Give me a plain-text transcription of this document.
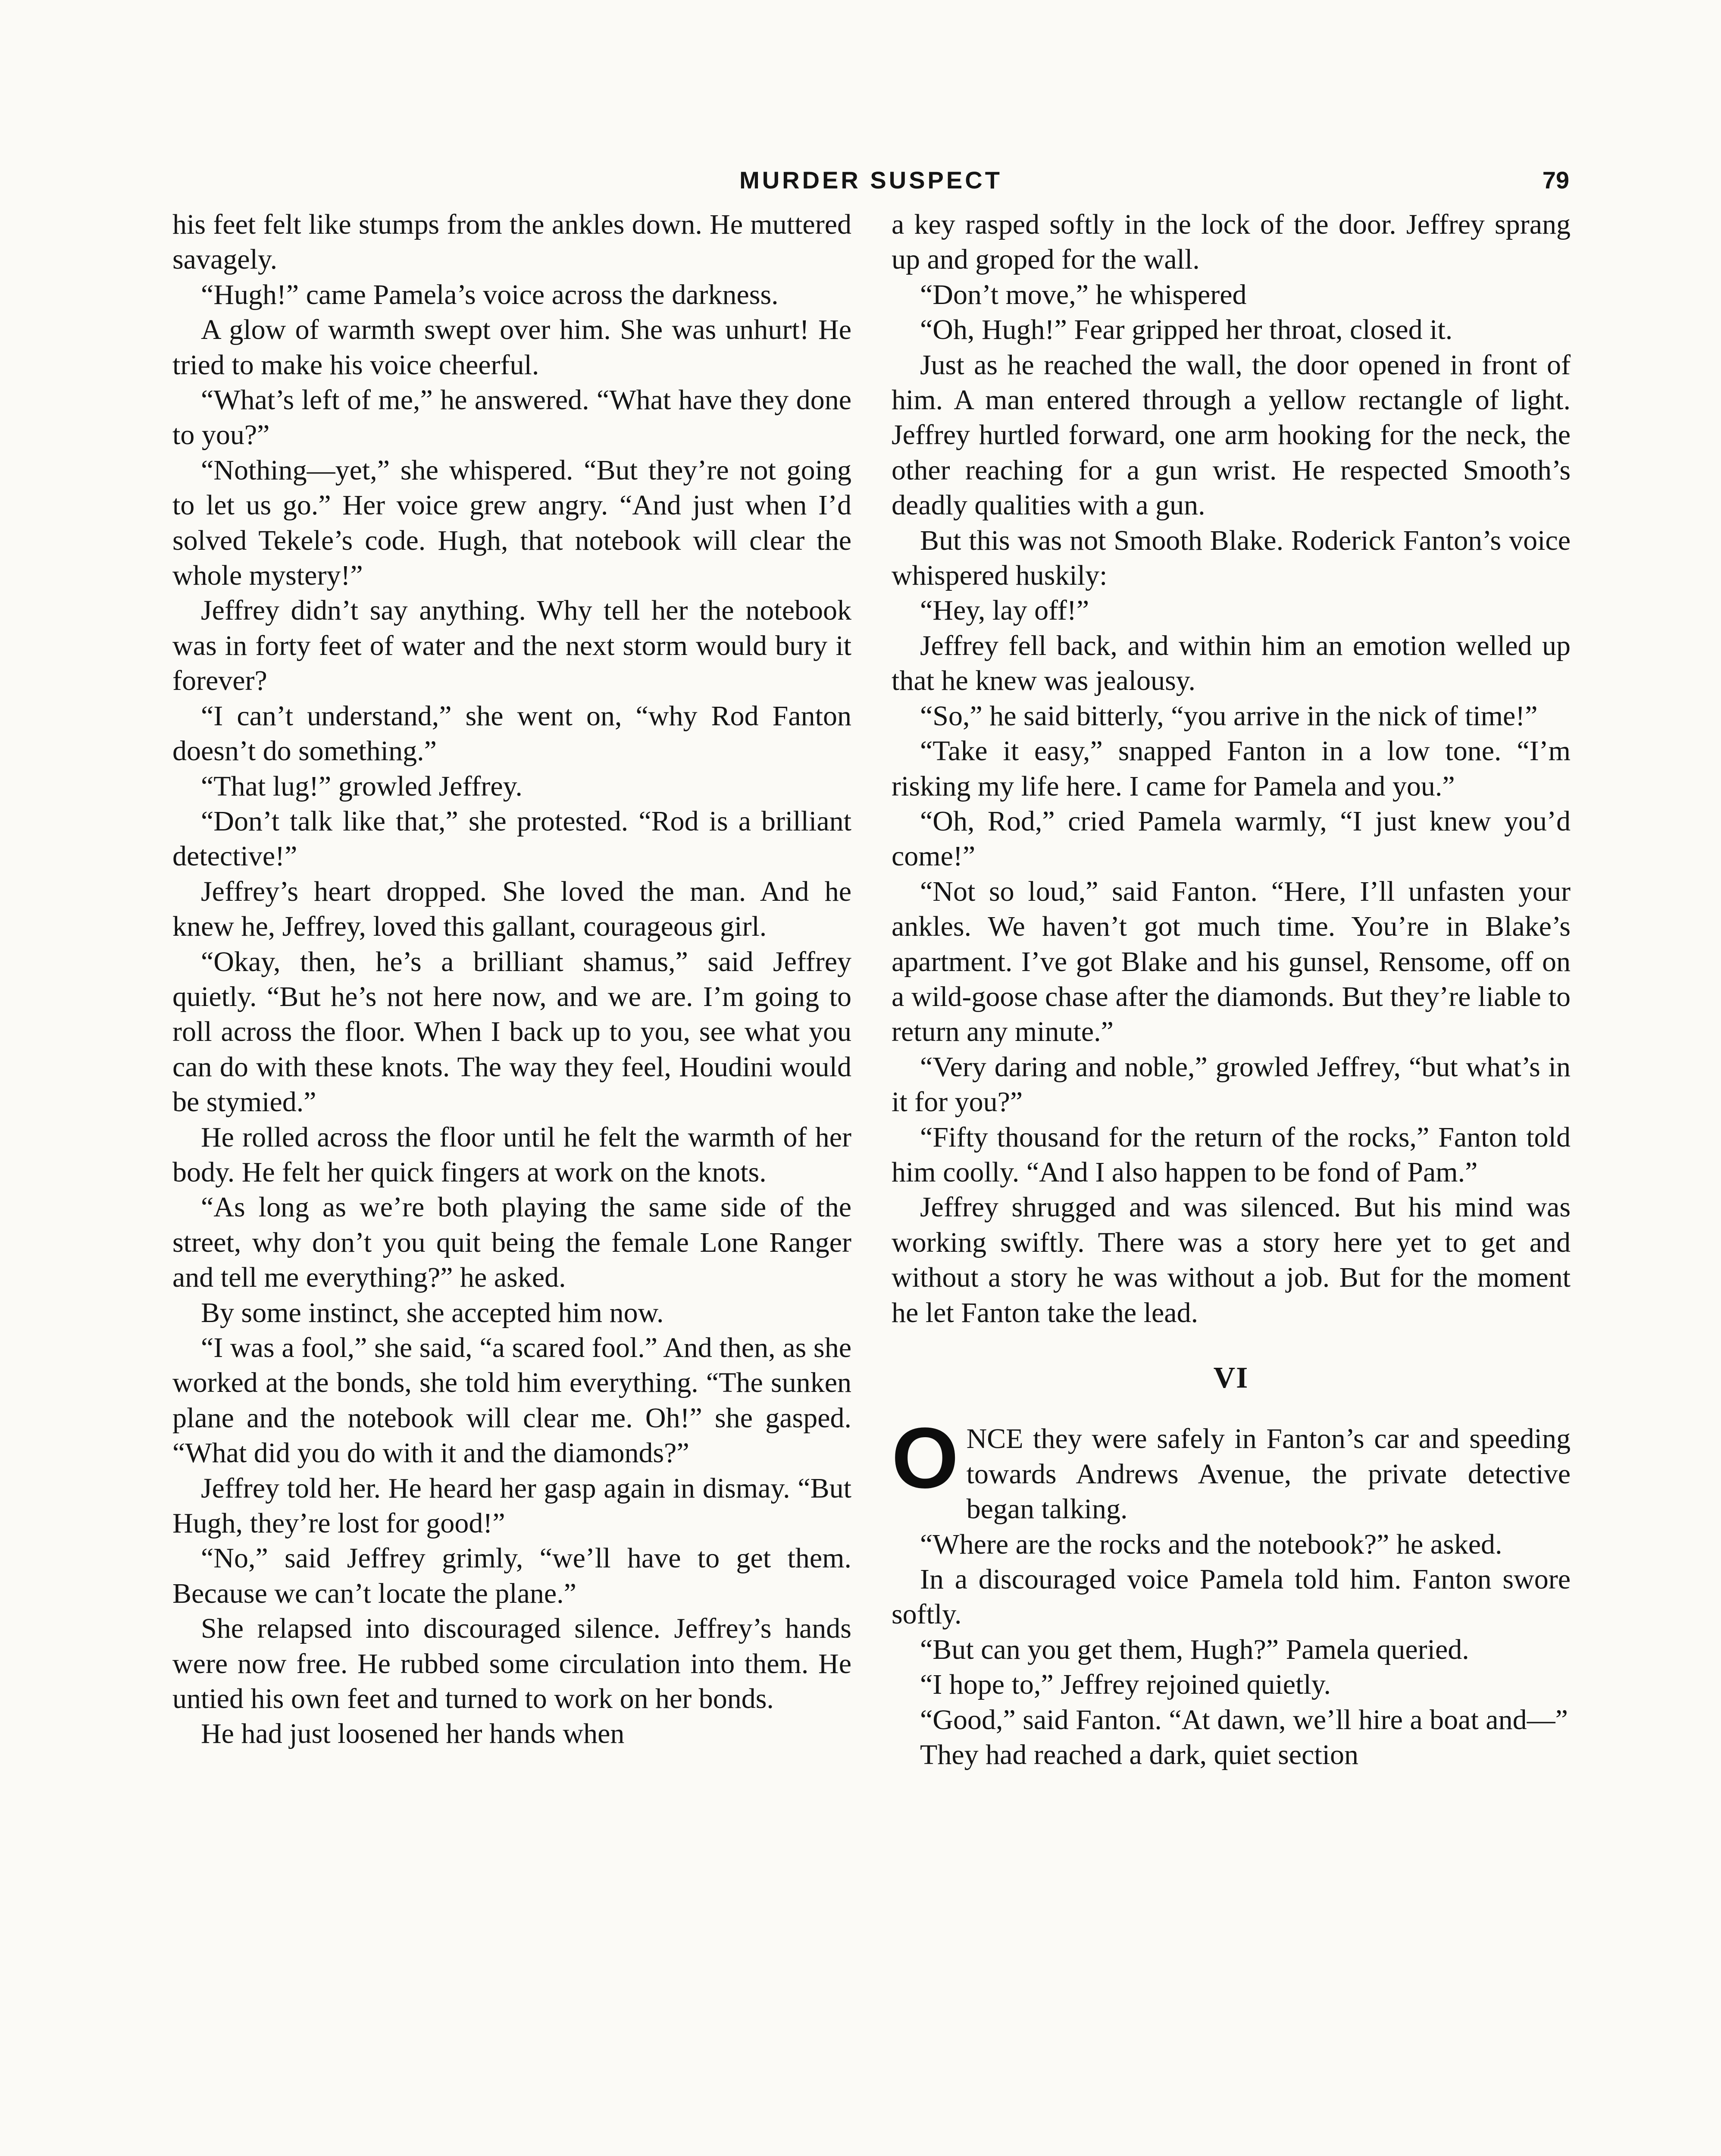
MURDER SUSPECT	79

his feet felt like stumps from the ankles down. He muttered savagely.

“Hugh!” came Pamela’s voice across the darkness.

A glow of warmth swept over him. She was unhurt! He tried to make his voice cheerful.

“What’s left of me,” he answered. “What have they done to you?”

“Nothing—yet,” she whispered. “But they’re not going to let us go.” Her voice grew angry. “And just when I’d solved Tekele’s code. Hugh, that notebook will clear the whole mystery!”

Jeffrey didn’t say anything. Why tell her the notebook was in forty feet of water and the next storm would bury it forever?

“I can’t understand,” she went on, “why Rod Fanton doesn’t do something.”

“That lug!” growled Jeffrey.

“Don’t talk like that,” she protested. “Rod is a brilliant detective!”

Jeffrey’s heart dropped. She loved the man. And he knew he, Jeffrey, loved this gallant, courageous girl.

“Okay, then, he’s a brilliant shamus,” said Jeffrey quietly. “But he’s not here now, and we are. I’m going to roll across the floor. When I back up to you, see what you can do with these knots. The way they feel, Houdini would be stymied.”

He rolled across the floor until he felt the warmth of her body. He felt her quick fingers at work on the knots.

“As long as we’re both playing the same side of the street, why don’t you quit being the female Lone Ranger and tell me everything?” he asked.

By some instinct, she accepted him now.

“I was a fool,” she said, “a scared fool.” And then, as she worked at the bonds, she told him everything. “The sunken plane and the notebook will clear me. Oh!” she gasped. “What did you do with it and the diamonds?”

Jeffrey told her. He heard her gasp again in dismay. “But Hugh, they’re lost for good!”

“No,” said Jeffrey grimly, “we’ll have to get them. Because we can’t locate the plane.”

She relapsed into discouraged silence. Jeffrey’s hands were now free. He rubbed some circulation into them. He untied his own feet and turned to work on her bonds.

He had just loosened her hands when

a key rasped softly in the lock of the door. Jeffrey sprang up and groped for the wall.

“Don’t move,” he whispered

“Oh, Hugh!” Fear gripped her throat, closed it.

Just as he reached the wall, the door opened in front of him. A man entered through a yellow rectangle of light. Jeffrey hurtled forward, one arm hooking for the neck, the other reaching for a gun wrist. He respected Smooth’s deadly qualities with a gun.

But this was not Smooth Blake. Roderick Fanton’s voice whispered huskily:

“Hey, lay off!”

Jeffrey fell back, and within him an emotion welled up that he knew was jealousy.

“So,” he said bitterly, “you arrive in the nick of time!”

“Take it easy,” snapped Fanton in a low tone. “I’m risking my life here. I came for Pamela and you.”

“Oh, Rod,” cried Pamela warmly, “I just knew you’d come!”

“Not so loud,” said Fanton. “Here, I’ll unfasten your ankles. We haven’t got much time. You’re in Blake’s apartment. I’ve got Blake and his gunsel, Rensome, off on a wild-goose chase after the diamonds. But they’re liable to return any minute.”

“Very daring and noble,” growled Jeffrey, “but what’s in it for you?”

“Fifty thousand for the return of the rocks,” Fanton told him coolly. “And I also happen to be fond of Pam.”

Jeffrey shrugged and was silenced. But his mind was working swiftly. There was a story here yet to get and without a story he was without a job. But for the moment he let Fanton take the lead.

VI

ONCE they were safely in Fanton’s car and speeding towards Andrews Avenue, the private detective began talking.

“Where are the rocks and the notebook?” he asked.

In a discouraged voice Pamela told him. Fanton swore softly.

“But can you get them, Hugh?” Pamela queried.

“I hope to,” Jeffrey rejoined quietly.

“Good,” said Fanton. “At dawn, we’ll hire a boat and—”

They had reached a dark, quiet section
